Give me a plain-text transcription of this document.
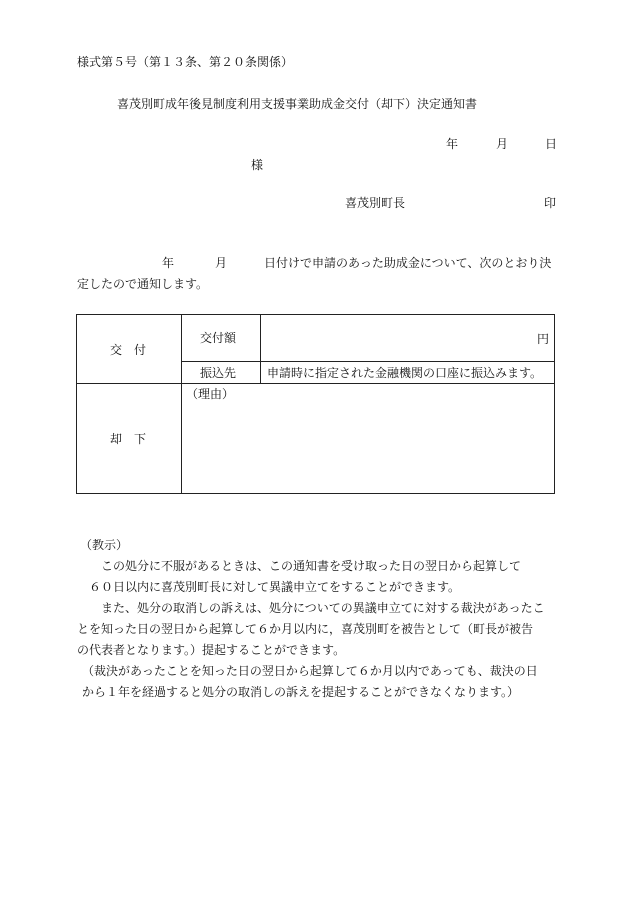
様式第５号（第１３条、第２０条関係）
喜茂別町成年後見制度利用支援事業助成金交付（却下）決定通知書
年	月	日
様
喜茂別町長	印
年	月	日付けで申請のあった助成金について、次のとおり決
定したので通知します。
交　付
交付額	円
振込先	申請時に指定された金融機関の口座に振込みます。
却　下
（理由）
（教示）
この処分に不服があるときは、この通知書を受け取った日の翌日から起算して
６０日以内に喜茂別町長に対して異議申立てをすることができます。
また、処分の取消しの訴えは、処分についての異議申立てに対する裁決があったこ
とを知った日の翌日から起算して６か月以内に，喜茂別町を被告として（町長が被告
の代表者となります。）提起することができます。
（裁決があったことを知った日の翌日から起算して６か月以内であっても、裁決の日
から１年を経過すると処分の取消しの訴えを提起することができなくなります。）
